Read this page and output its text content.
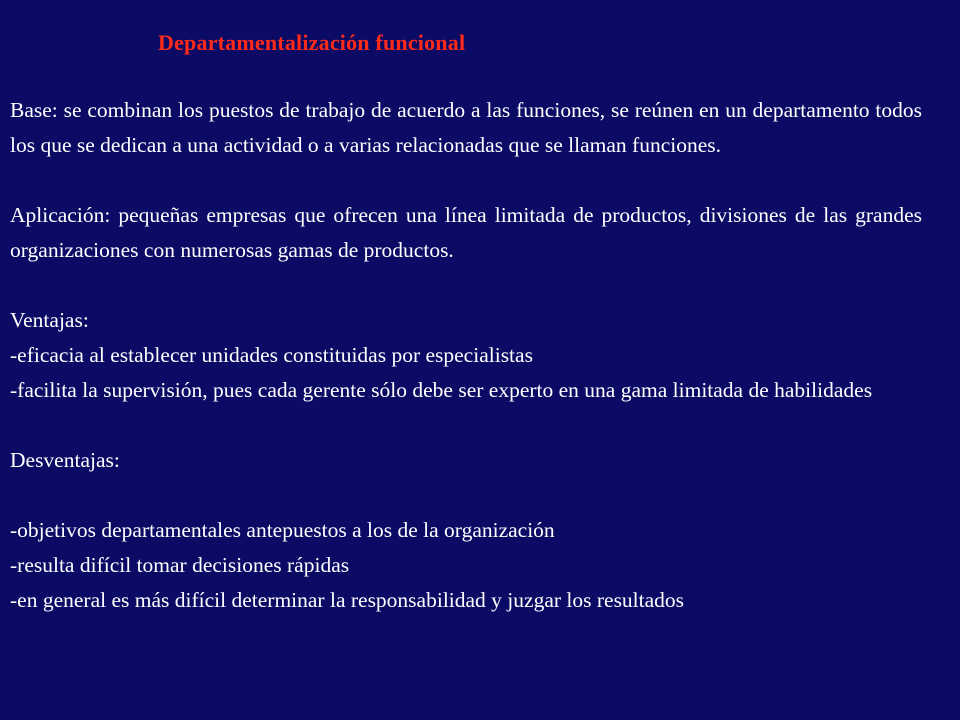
Departamentalización funcional

Base: se combinan los puestos de trabajo de acuerdo a las funciones, se reúnen en un departamento todos los que se dedican a una actividad o a varias relacionadas que se llaman funciones.

Aplicación: pequeñas empresas que ofrecen una línea limitada de productos, divisiones de las grandes organizaciones con numerosas gamas de productos.

Ventajas:

-eficacia al establecer unidades constituidas por especialistas

-facilita la supervisión, pues cada gerente sólo debe ser experto en una gama limitada de habilidades

Desventajas:

-objetivos departamentales antepuestos a los de la organización

-resulta difícil tomar decisiones rápidas

-en general es más difícil determinar la responsabilidad y juzgar los resultados
